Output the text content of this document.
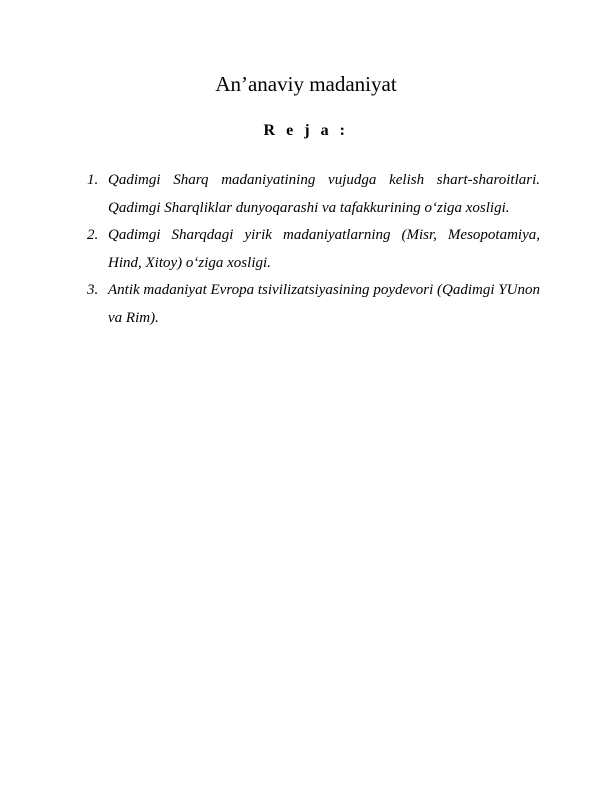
An’anaviy madaniyat
R e j a :
1. Qadimgi Sharq madaniyatining vujudga kelish shart-sharoitlari. Qadimgi Sharqliklar dunyoqarashi va tafakkurining o‘ziga xosligi.
2. Qadimgi Sharqdagi yirik madaniyatlarning (Misr, Mesopotamiya, Hind, Xitoy) o‘ziga xosligi.
3. Antik madaniyat Evropa tsivilizatsiyasining poydevori (Qadimgi YUnon va Rim).
